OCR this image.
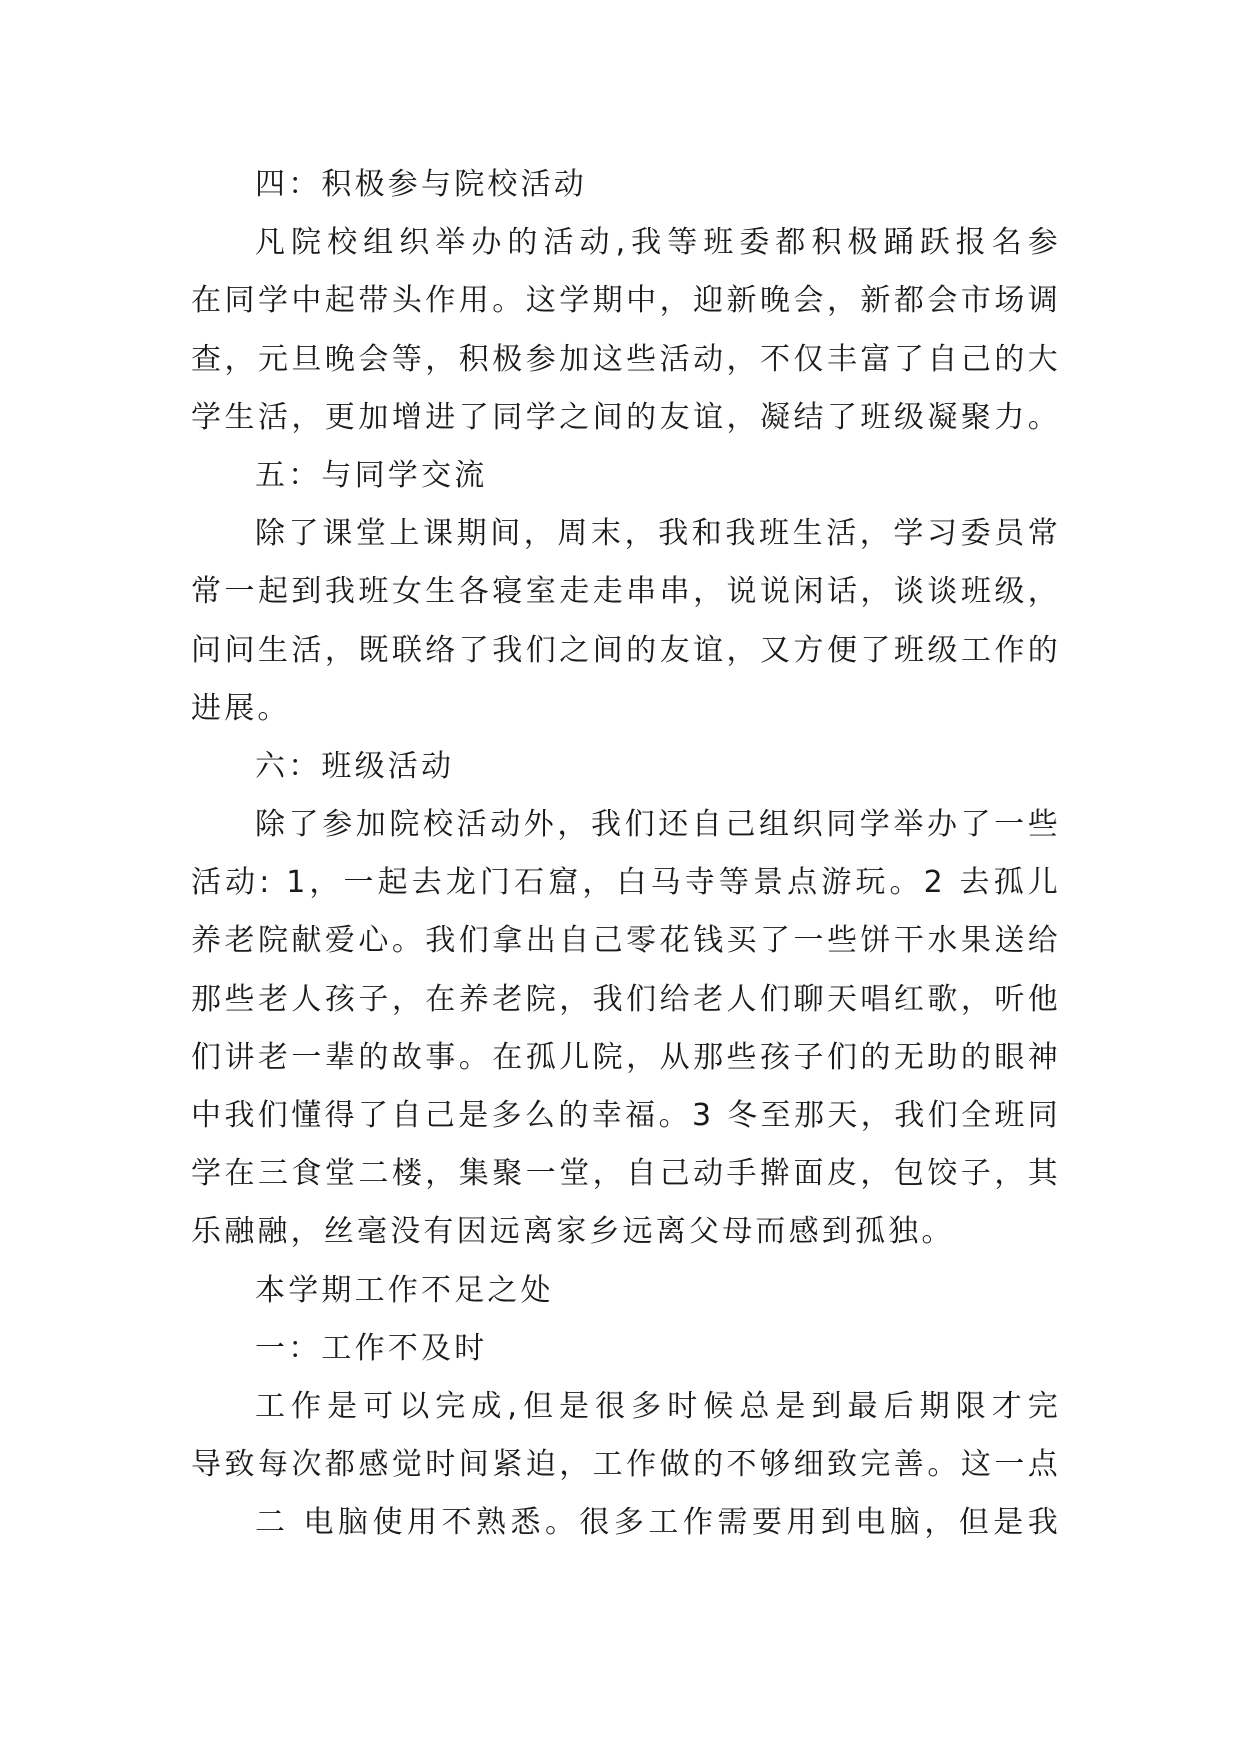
四：积极参与院校活动
凡院校组织举办的活动,我等班委都积极踊跃报名参
在同学中起带头作用。这学期中，迎新晚会，新都会市场调
查，元旦晚会等，积极参加这些活动，不仅丰富了自己的大
学生活，更加增进了同学之间的友谊，凝结了班级凝聚力。
五：与同学交流
除了课堂上课期间，周末，我和我班生活，学习委员常
常一起到我班女生各寝室走走串串，说说闲话，谈谈班级，
问问生活，既联络了我们之间的友谊，又方便了班级工作的
进展。
六：班级活动
除了参加院校活动外，我们还自己组织同学举办了一些
活动: 1，一起去龙门石窟，白马寺等景点游玩。2 去孤儿
养老院献爱心。我们拿出自己零花钱买了一些饼干水果送给
那些老人孩子，在养老院，我们给老人们聊天唱红歌，听他
们讲老一辈的故事。在孤儿院，从那些孩子们的无助的眼神
中我们懂得了自己是多么的幸福。3 冬至那天，我们全班同
学在三食堂二楼，集聚一堂，自己动手擀面皮，包饺子，其
乐融融，丝毫没有因远离家乡远离父母而感到孤独。
本学期工作不足之处
一：工作不及时
工作是可以完成,但是很多时候总是到最后期限才完
导致每次都感觉时间紧迫，工作做的不够细致完善。这一点
二 电脑使用不熟悉。很多工作需要用到电脑，但是我
